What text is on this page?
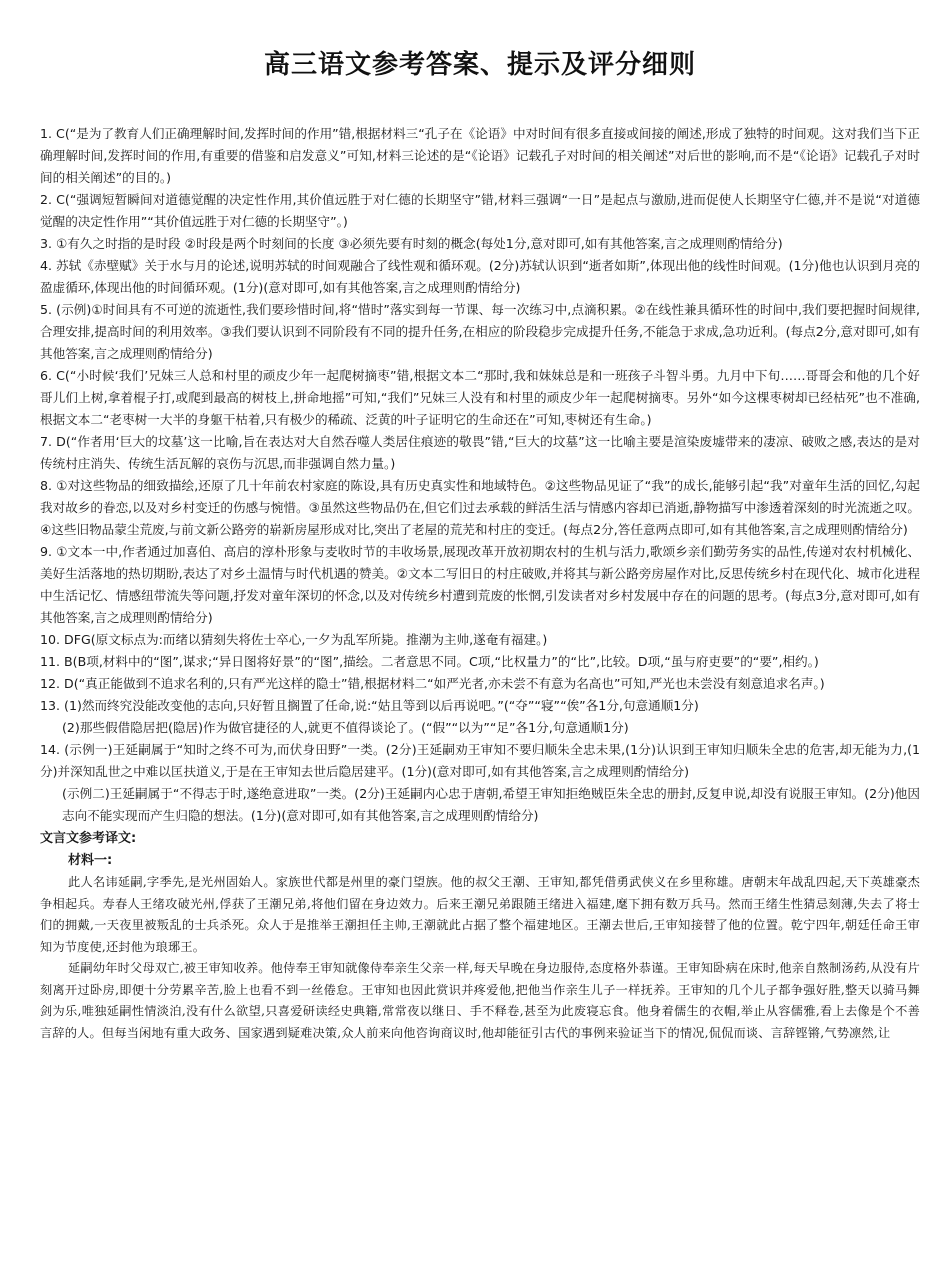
高三语文参考答案、提示及评分细则
1. C(“是为了教育人们正确理解时间,发挥时间的作用”错,根据材料三“孔子在《论语》中对时间有很多直接或间接的阐述,形成了独特的时间观。这对我们当下正确理解时间,发挥时间的作用,有重要的借鉴和启发意义”可知,材料三论述的是“《论语》记载孔子对时间的相关阐述”对后世的影响,而不是“《论语》记载孔子对时间的相关阐述”的目的。)
2. C(“强调短暂瞬间对道德觉醒的决定性作用,其价值远胜于对仁德的长期坚守”错,材料三强调“一日”是起点与激励,进而促使人长期坚守仁德,并不是说“对道德觉醒的决定性作用”“其价值远胜于对仁德的长期坚守”。)
3. ①有久之时指的是时段 ②时段是两个时刻间的长度 ③必须先要有时刻的概念(每处1分,意对即可,如有其他答案,言之成理则酌情给分)
4. 苏轼《赤壁赋》关于水与月的论述,说明苏轼的时间观融合了线性观和循环观。(2分)苏轼认识到“逝者如斯”,体现出他的线性时间观。(1分)他也认识到月亮的盈虚循环,体现出他的时间循环观。(1分)(意对即可,如有其他答案,言之成理则酌情给分)
5. (示例)①时间具有不可逆的流逝性,我们要珍惜时间,将“惜时”落实到每一节课、每一次练习中,点滴积累。②在线性兼具循环性的时间中,我们要把握时间规律,合理安排,提高时间的利用效率。③我们要认识到不同阶段有不同的提升任务,在相应的阶段稳步完成提升任务,不能急于求成,急功近利。(每点2分,意对即可,如有其他答案,言之成理则酌情给分)
6. C(“小时候‘我们’兄妹三人总和村里的顽皮少年一起爬树摘枣”错,根据文本二“那时,我和妹妹总是和一班孩子斗智斗勇。九月中下旬……哥哥会和他的几个好哥儿们上树,拿着棍子打,或爬到最高的树枝上,拼命地摇”可知,“我们”兄妹三人没有和村里的顽皮少年一起爬树摘枣。另外“如今这棵枣树却已经枯死”也不准确,根据文本二“老枣树一大半的身躯干枯着,只有极少的稀疏、泛黄的叶子证明它的生命还在”可知,枣树还有生命。)
7. D(“作者用‘巨大的坟墓’这一比喻,旨在表达对大自然吞噬人类居住痕迹的敬畏”错,“巨大的坟墓”这一比喻主要是渲染废墟带来的凄凉、破败之感,表达的是对传统村庄消失、传统生活瓦解的哀伤与沉思,而非强调自然力量。)
8. ①对这些物品的细致描绘,还原了几十年前农村家庭的陈设,具有历史真实性和地域特色。②这些物品见证了“我”的成长,能够引起“我”对童年生活的回忆,勾起我对故乡的眷恋,以及对乡村变迁的伤感与惋惜。③虽然这些物品仍在,但它们过去承载的鲜活生活与情感内容却已消逝,静物描写中渗透着深刻的时光流逝之叹。④这些旧物品蒙尘荒废,与前文新公路旁的崭新房屋形成对比,突出了老屋的荒芜和村庄的变迁。(每点2分,答任意两点即可,如有其他答案,言之成理则酌情给分)
9. ①文本一中,作者通过加喜伯、高启的淳朴形象与麦收时节的丰收场景,展现改革开放初期农村的生机与活力,歌颂乡亲们勤劳务实的品性,传递对农村机械化、美好生活落地的热切期盼,表达了对乡土温情与时代机遇的赞美。②文本二写旧日的村庄破败,并将其与新公路旁房屋作对比,反思传统乡村在现代化、城市化进程中生活记忆、情感纽带流失等问题,抒发对童年深切的怀念,以及对传统乡村遭到荒废的怅惘,引发读者对乡村发展中存在的问题的思考。(每点3分,意对即可,如有其他答案,言之成理则酌情给分)
10. DFG(原文标点为:而绪以猜刻失将佐士卒心,一夕为乱军所毙。推潮为主帅,遂奄有福建。)
11. B(B项,材料中的“图”,谋求;“异日图将好景”的“图”,描绘。二者意思不同。C项,“比权量力”的“比”,比较。D项,“虽与府吏要”的“要”,相约。)
12. D(“真正能做到不追求名利的,只有严光这样的隐士”错,根据材料二“如严光者,亦未尝不有意为名高也”可知,严光也未尝没有刻意追求名声。)
13. (1)然而终究没能改变他的志向,只好暂且搁置了任命,说:“姑且等到以后再说吧。”(“夺”“寝”“俟”各1分,句意通顺1分)
(2)那些假借隐居把(隐居)作为做官捷径的人,就更不值得谈论了。(“假”“以为”“足”各1分,句意通顺1分)
14. (示例一)王延嗣属于“知时之终不可为,而伏身田野”一类。(2分)王延嗣劝王审知不要归顺朱全忠未果,(1分)认识到王审知归顺朱全忠的危害,却无能为力,(1分)并深知乱世之中难以匡扶道义,于是在王审知去世后隐居建平。(1分)(意对即可,如有其他答案,言之成理则酌情给分)
(示例二)王延嗣属于“不得志于时,遂绝意进取”一类。(2分)王延嗣内心忠于唐朝,希望王审知拒绝贼臣朱全忠的册封,反复申说,却没有说服王审知。(2分)他因志向不能实现而产生归隐的想法。(1分)(意对即可,如有其他答案,言之成理则酌情给分)
文言文参考译文:
材料一:
此人名讳延嗣,字季先,是光州固始人。家族世代都是州里的豪门望族。他的叔父王潮、王审知,都凭借勇武侠义在乡里称雄。唐朝末年战乱四起,天下英雄豪杰争相起兵。寿春人王绪攻破光州,俘获了王潮兄弟,将他们留在身边效力。后来王潮兄弟跟随王绪进入福建,麾下拥有数万兵马。然而王绪生性猜忌刻薄,失去了将士们的拥戴,一天夜里被叛乱的士兵杀死。众人于是推举王潮担任主帅,王潮就此占据了整个福建地区。王潮去世后,王审知接替了他的位置。乾宁四年,朝廷任命王审知为节度使,还封他为琅琊王。
延嗣幼年时父母双亡,被王审知收养。他侍奉王审知就像侍奉亲生父亲一样,每天早晚在身边服侍,态度格外恭谨。王审知卧病在床时,他亲自熬制汤药,从没有片刻离开过卧房,即便十分劳累辛苦,脸上也看不到一丝倦怠。王审知也因此赏识并疼爱他,把他当作亲生儿子一样抚养。王审知的几个儿子都争强好胜,整天以骑马舞剑为乐,唯独延嗣性情淡泊,没有什么欲望,只喜爱研读经史典籍,常常夜以继日、手不释卷,甚至为此废寝忘食。他身着儒生的衣帽,举止从容儒雅,看上去像是个不善言辞的人。但每当闲地有重大政务、国家遇到疑难决策,众人前来向他咨询商议时,他却能征引古代的事例来验证当下的情况,侃侃而谈、言辞铿锵,气势凛然,让
